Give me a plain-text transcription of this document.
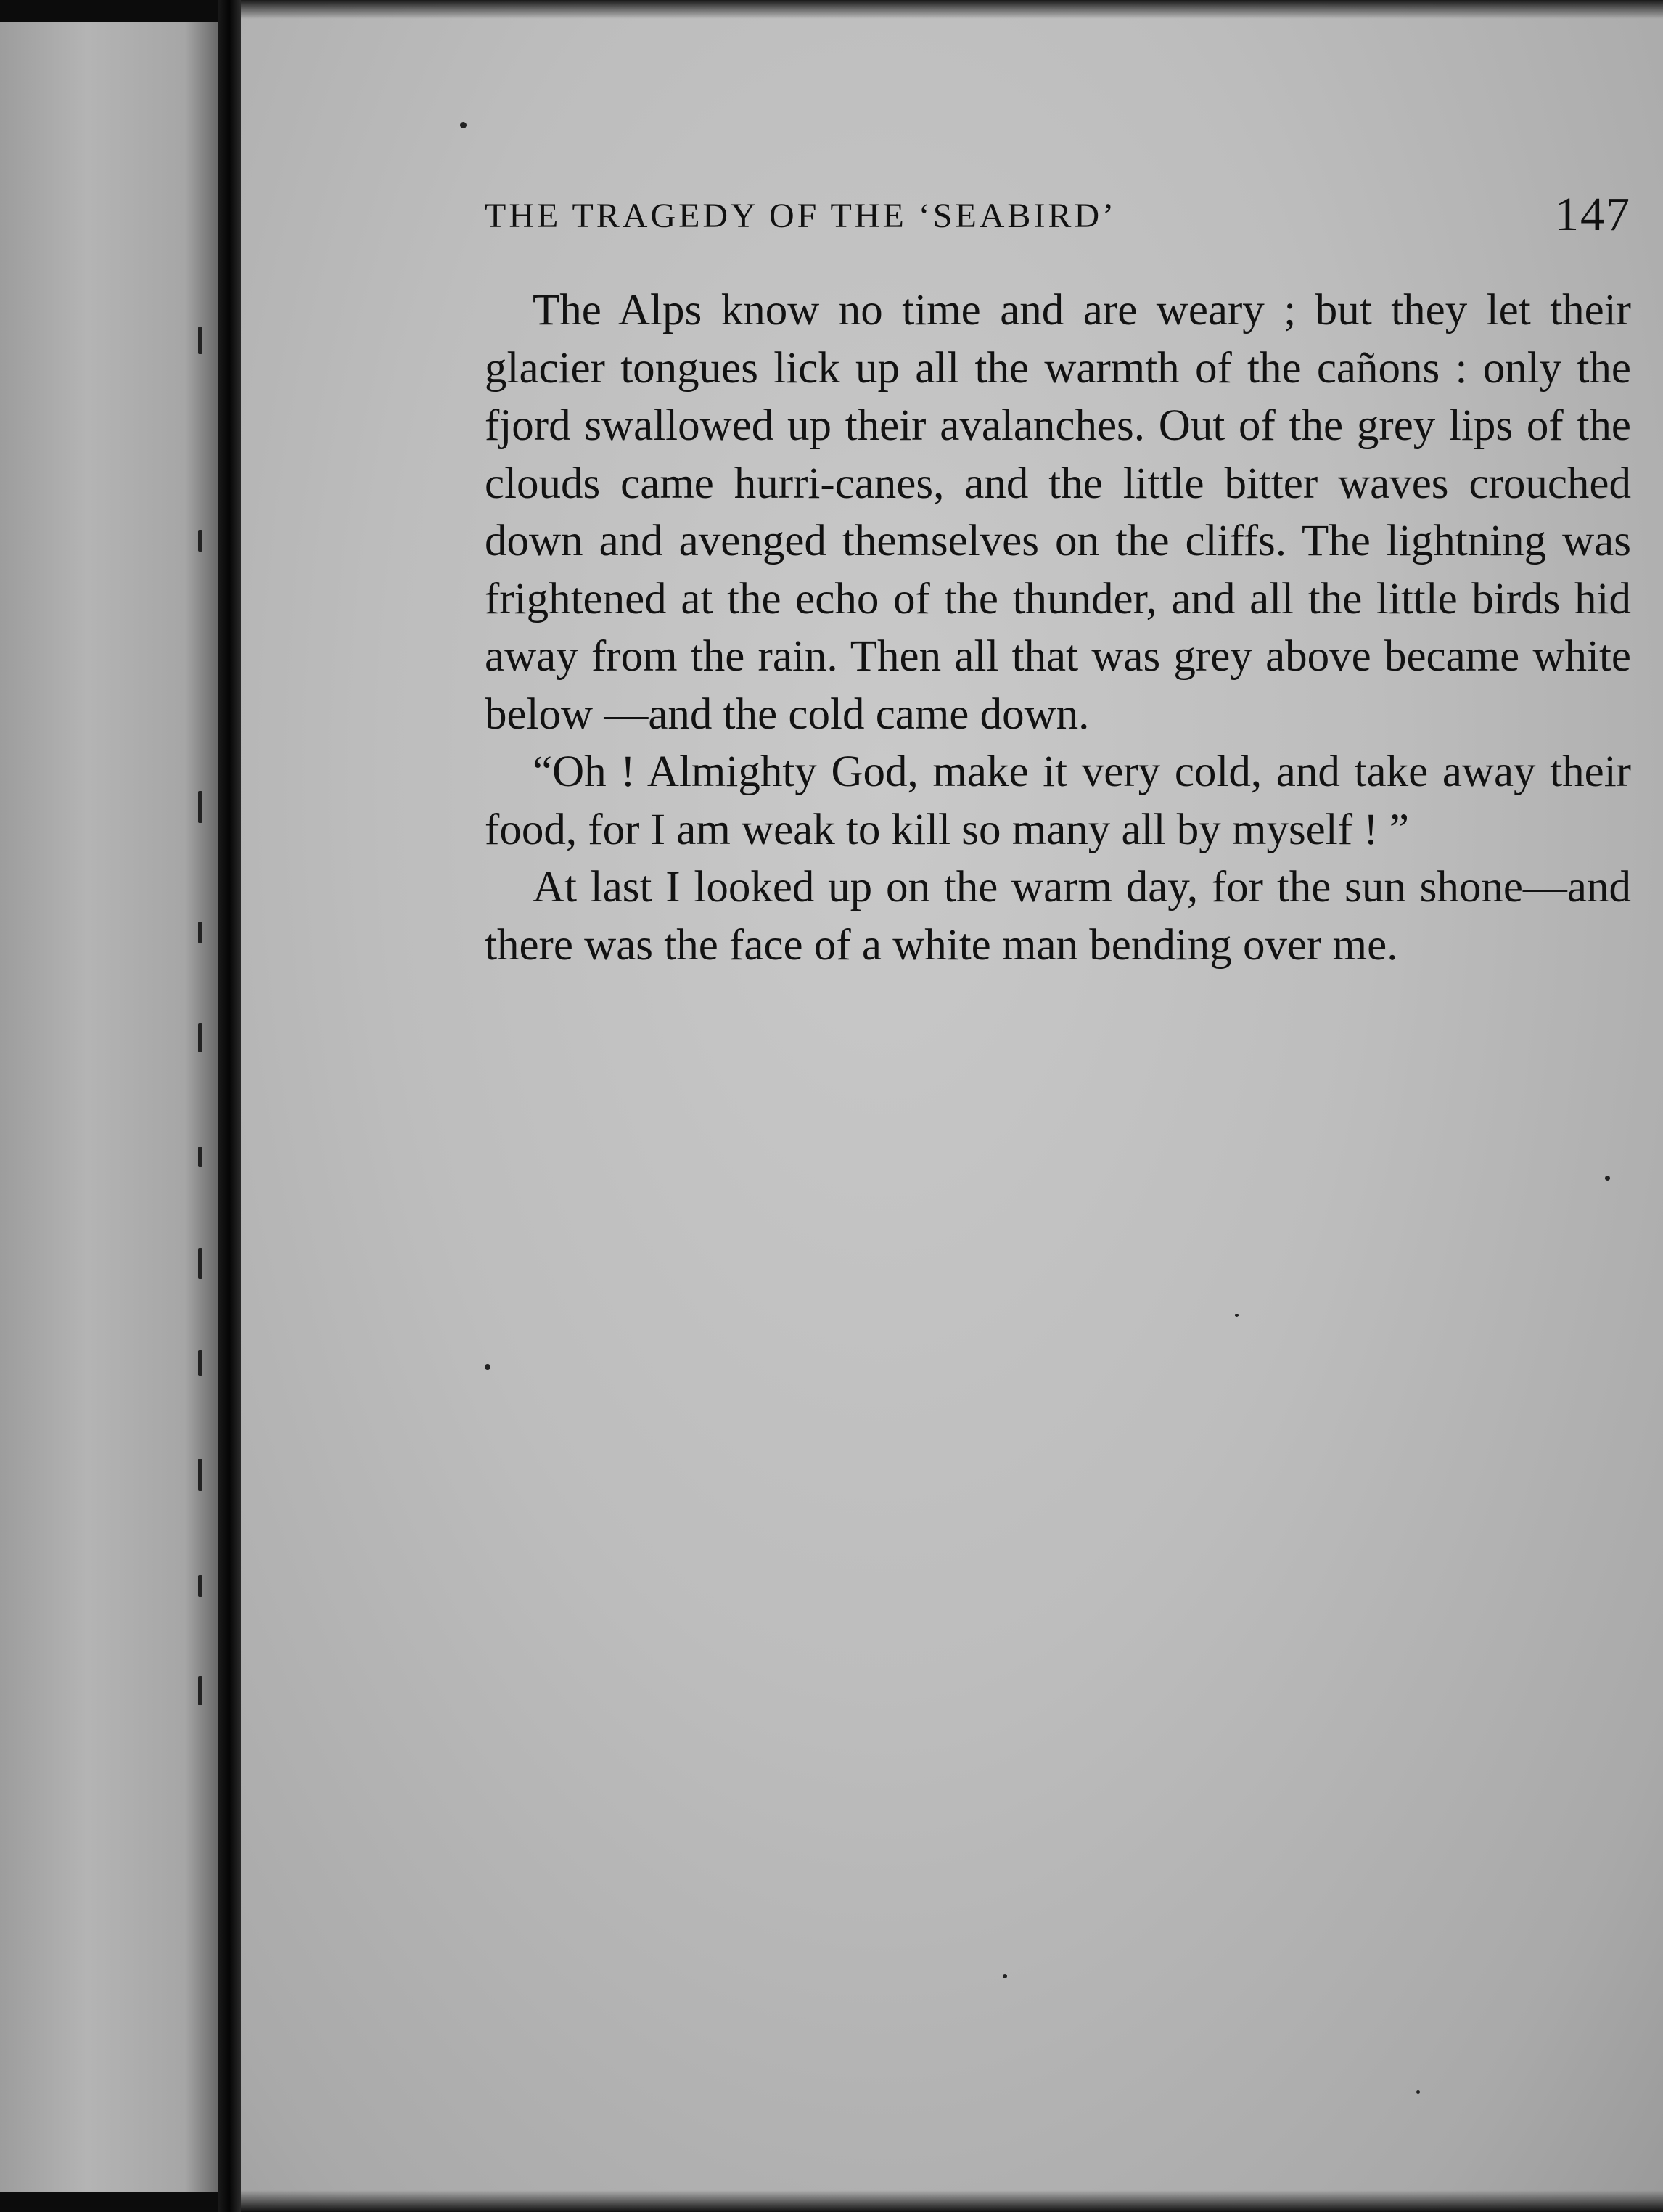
THE TRAGEDY OF THE ‘SEABIRD’	147

The Alps know no time and are weary ; but they let their glacier tongues lick up all the warmth of the cañons : only the fjord swallowed up their avalanches. Out of the grey lips of the clouds came hurri-canes, and the little bitter waves crouched down and avenged themselves on the cliffs. The lightning was frightened at the echo of the thunder, and all the little birds hid away from the rain. Then all that was grey above became white below —and the cold came down.

“Oh ! Almighty God, make it very cold, and take away their food, for I am weak to kill so many all by myself ! ”

At last I looked up on the warm day, for the sun shone—and there was the face of a white man bending over me.
